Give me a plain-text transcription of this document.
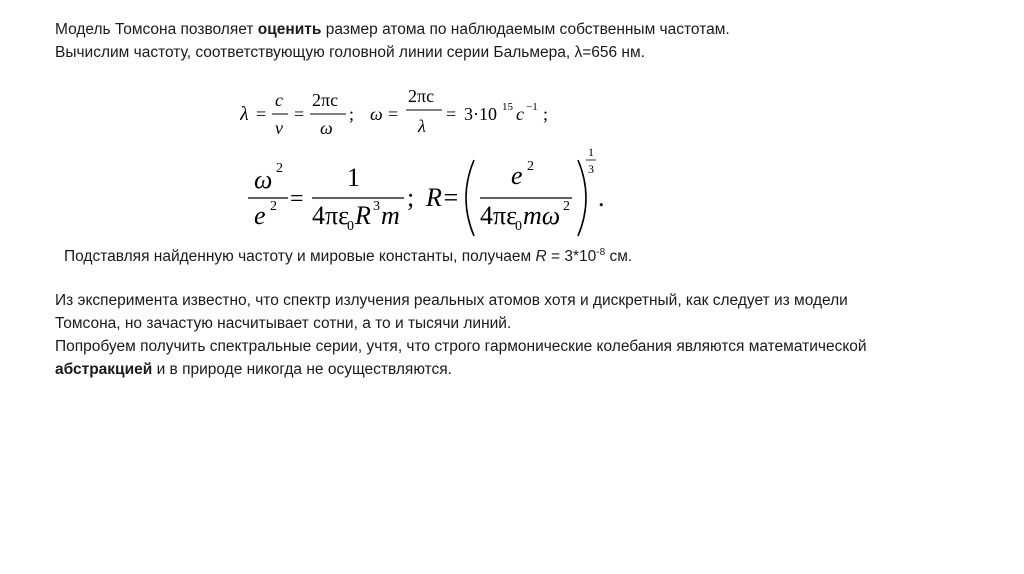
Модель Томсона позволяет оценить размер атома по наблюдаемым собственным частотам.
Вычислим частоту, соответствующую головной линии серии Бальмера, λ=656 нм.
λ =
c
ν
=
2πc
ω
; ω =
2πc
λ
= 3·10 15 c −1 ;
ω 2
e 2 =
1
4πε
0 R 3 m
; R=
e 2
4πε
0 mω 2
1
3
.
Подставляя найденную частоту и мировые константы, получаем $R = 3*10^{-8}$ см.
Из эксперимента известно, что спектр излучения реальных атомов хотя и дискретный, как следует из модели
Томсона, но зачастую насчитывает сотни, а то и тысячи линий.
Попробуем получить спектральные серии, учтя, что строго гармонические колебания являются математической
абстракцией и в природе никогда не осуществляются.
